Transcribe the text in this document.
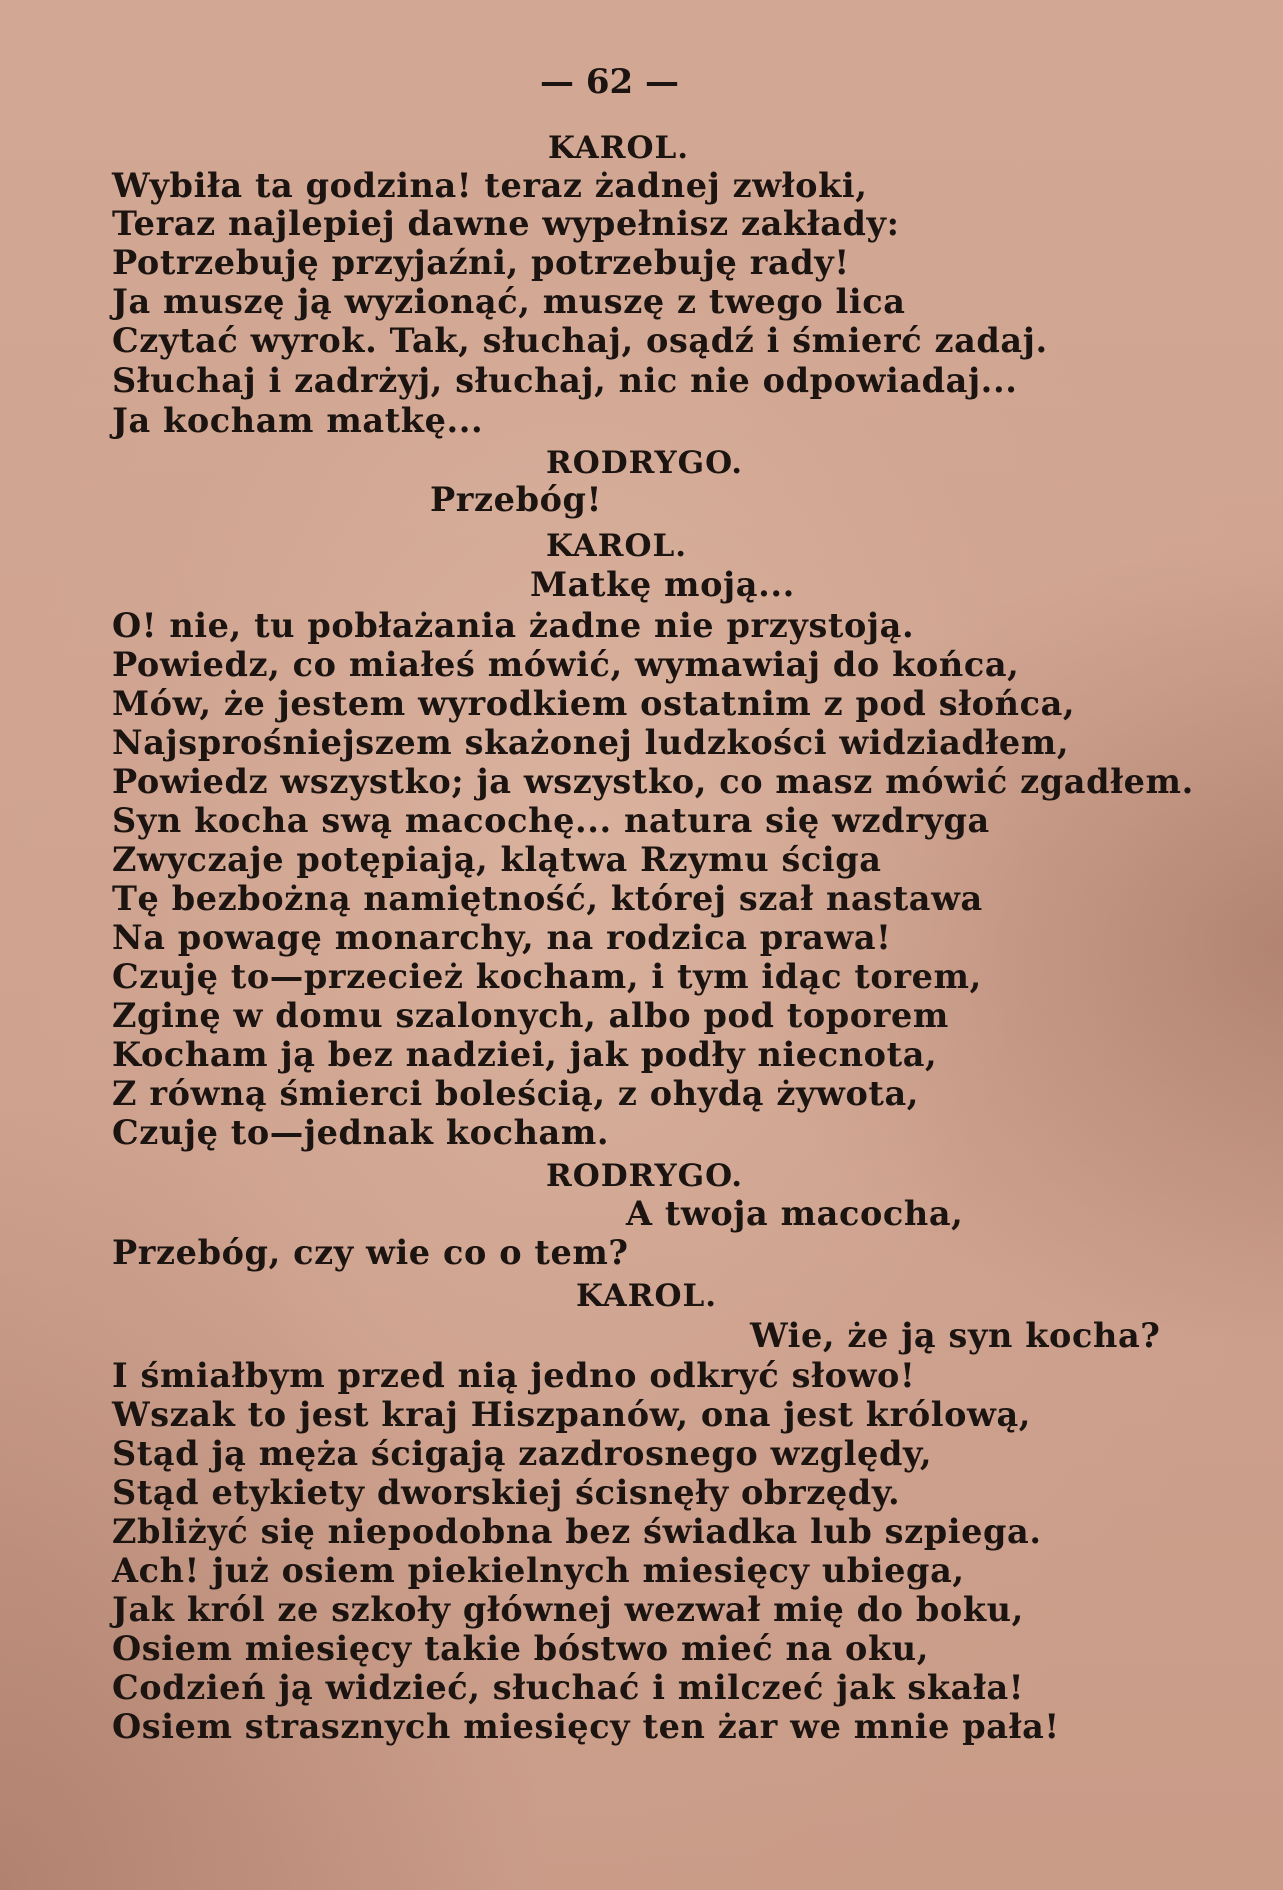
— 62 —
KAROL.
Wybiła ta godzina! teraz żadnej zwłoki,
Teraz najlepiej dawne wypełnisz zakłady:
Potrzebuję przyjaźni, potrzebuję rady!
Ja muszę ją wyzionąć, muszę z twego lica
Czytać wyrok. Tak, słuchaj, osądź i śmierć zadaj.
Słuchaj i zadrżyj, słuchaj, nic nie odpowiadaj...
Ja kocham matkę...
RODRYGO.
Przebóg!
KAROL.
Matkę moją...
O! nie, tu pobłażania żadne nie przystoją.
Powiedz, co miałeś mówić, wymawiaj do końca,
Mów, że jestem wyrodkiem ostatnim z pod słońca,
Najsprośniejszem skażonej ludzkości widziadłem,
Powiedz wszystko; ja wszystko, co masz mówić zgadłem.
Syn kocha swą macochę... natura się wzdryga
Zwyczaje potępiają, klątwa Rzymu ściga
Tę bezbożną namiętność, której szał nastawa
Na powagę monarchy, na rodzica prawa!
Czuję to—przecież kocham, i tym idąc torem,
Zginę w domu szalonych, albo pod toporem
Kocham ją bez nadziei, jak podły niecnota,
Z równą śmierci boleścią, z ohydą żywota,
Czuję to—jednak kocham.
RODRYGO.
A twoja macocha,
Przebóg, czy wie co o tem?
KAROL.
Wie, że ją syn kocha?
I śmiałbym przed nią jedno odkryć słowo!
Wszak to jest kraj Hiszpanów, ona jest królową,
Stąd ją męża ścigają zazdrosnego względy,
Stąd etykiety dworskiej ścisnęły obrzędy.
Zbliżyć się niepodobna bez świadka lub szpiega.
Ach! już osiem piekielnych miesięcy ubiega,
Jak król ze szkoły głównej wezwał mię do boku,
Osiem miesięcy takie bóstwo mieć na oku,
Codzień ją widzieć, słuchać i milczeć jak skała!
Osiem strasznych miesięcy ten żar we mnie pała!
